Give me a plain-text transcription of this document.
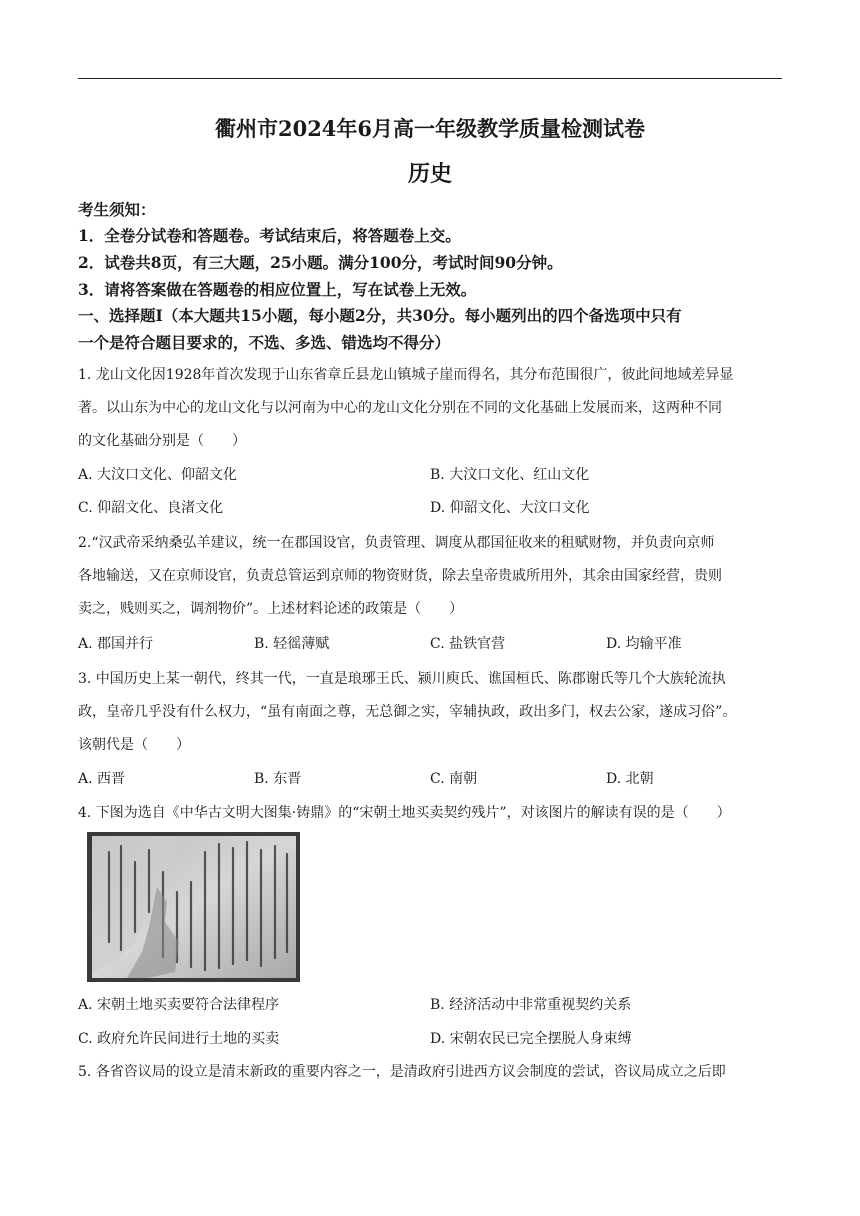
衢州市2024年6月高一年级教学质量检测试卷
历史
考生须知：
1．全卷分试卷和答题卷。考试结束后，将答题卷上交。
2．试卷共8页，有三大题，25小题。满分100分，考试时间90分钟。
3．请将答案做在答题卷的相应位置上，写在试卷上无效。
一、选择题Ⅰ（本大题共15小题，每小题2分，共30分。每小题列出的四个备选项中只有
一个是符合题目要求的，不选、多选、错选均不得分）
1. 龙山文化因1928年首次发现于山东省章丘县龙山镇城子崖而得名，其分布范围很广，彼此间地域差异显
著。以山东为中心的龙山文化与以河南为中心的龙山文化分别在不同的文化基础上发展而来，这两种不同
的文化基础分别是（　　）
A. 大汶口文化、仰韶文化	B. 大汶口文化、红山文化
C. 仰韶文化、良渚文化	D. 仰韶文化、大汶口文化
2.“汉武帝采纳桑弘羊建议，统一在郡国设官，负责管理、调度从郡国征收来的租赋财物，并负责向京师
各地输送，又在京师设官，负责总管运到京师的物资财货，除去皇帝贵戚所用外，其余由国家经营，贵则
卖之，贱则买之，调剂物价”。上述材料论述的政策是（　　）
A. 郡国并行	B. 轻徭薄赋	C. 盐铁官营	D. 均输平准
3. 中国历史上某一朝代，终其一代，一直是琅琊王氏、颍川庾氏、谯国桓氏、陈郡谢氏等几个大族轮流执
政，皇帝几乎没有什么权力，“虽有南面之尊，无总御之实，宰辅执政，政出多门，权去公家，遂成习俗”。
该朝代是（　　）
A. 西晋	B. 东晋	C. 南朝	D. 北朝
4. 下图为选自《中华古文明大图集·铸鼎》的“宋朝土地买卖契约残片”，对该图片的解读有误的是（　　）
A. 宋朝土地买卖要符合法律程序	B. 经济活动中非常重视契约关系
C. 政府允许民间进行土地的买卖	D. 宋朝农民已完全摆脱人身束缚
5. 各省咨议局的设立是清末新政的重要内容之一，是清政府引进西方议会制度的尝试，咨议局成立之后即
